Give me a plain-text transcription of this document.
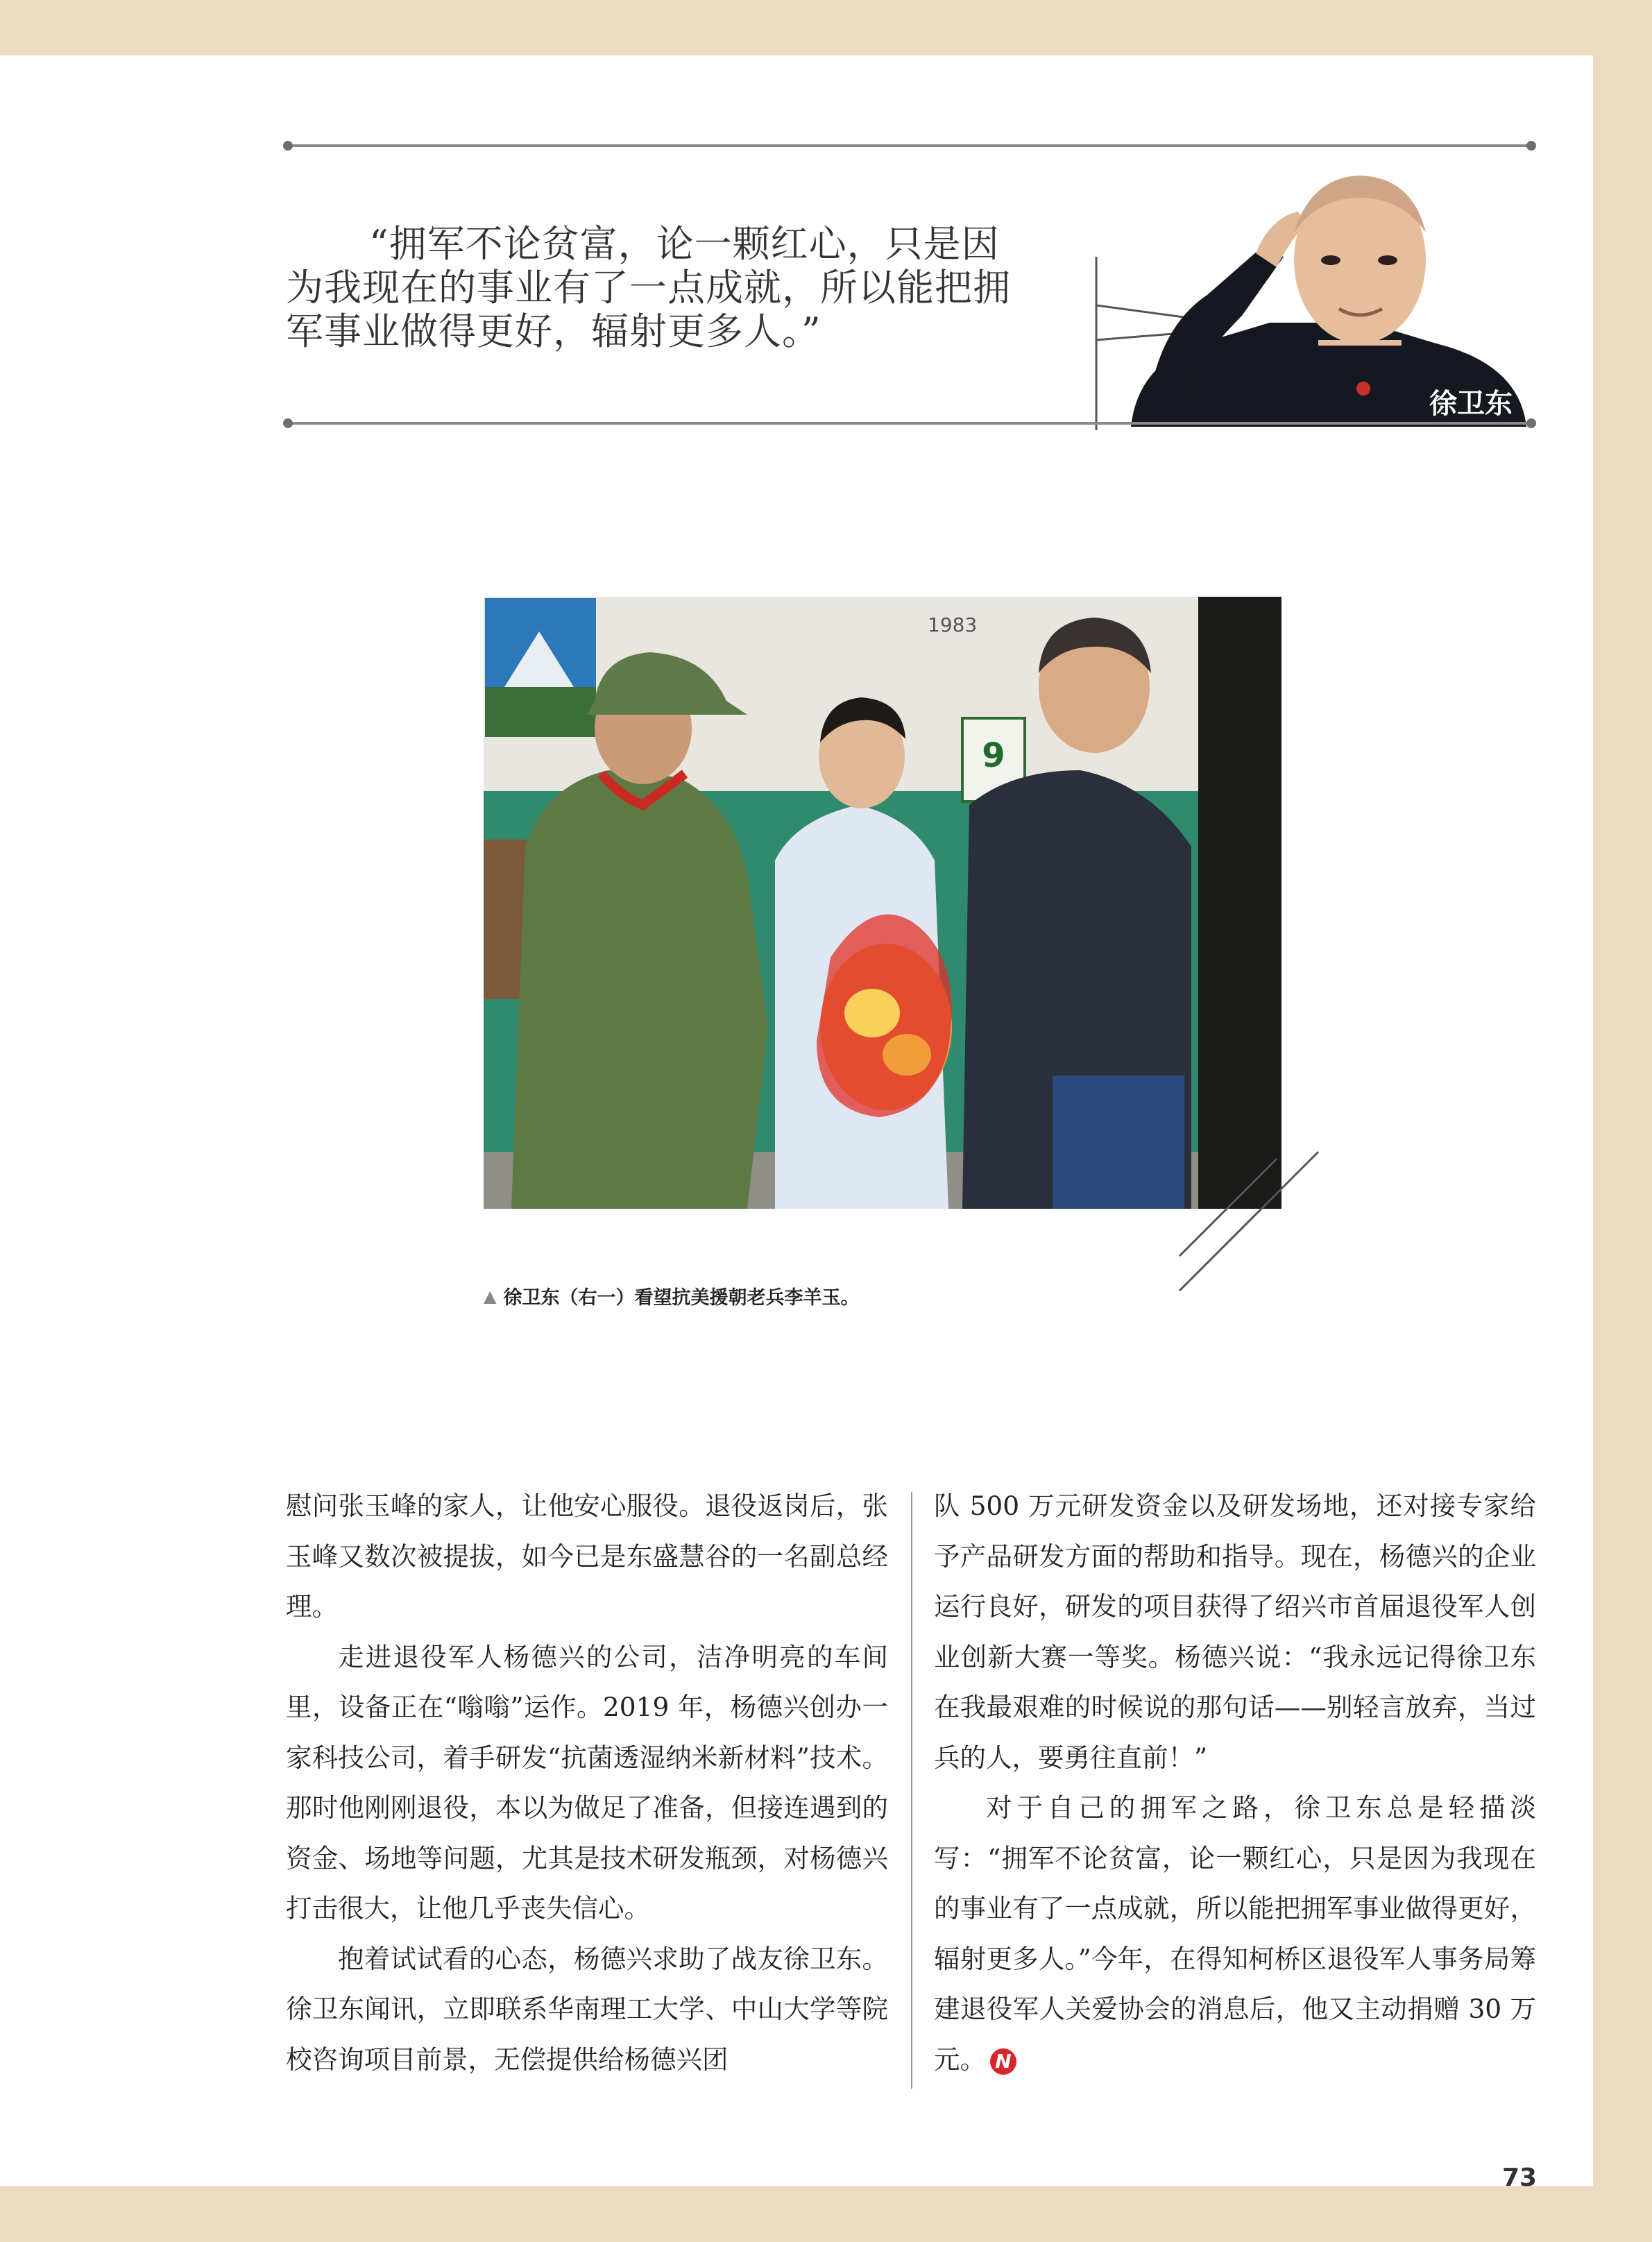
“拥军不论贫富，论一颗红心，只是因为我现在的事业有了一点成就，所以能把拥军事业做得更好，辐射更多人。”

徐卫东
9
1983
▲ 徐卫东（右一）看望抗美援朝老兵李羊玉。

慰问张玉峰的家人，让他安心服役。退役返岗后，张玉峰又数次被提拔，如今已是东盛慧谷的一名副总经理。

走进退役军人杨德兴的公司，洁净明亮的车间里，设备正在“嗡嗡”运作。2019 年，杨德兴创办一家科技公司，着手研发“抗菌透湿纳米新材料”技术。那时他刚刚退役，本以为做足了准备，但接连遇到的资金、场地等问题，尤其是技术研发瓶颈，对杨德兴打击很大，让他几乎丧失信心。

抱着试试看的心态，杨德兴求助了战友徐卫东。徐卫东闻讯，立即联系华南理工大学、中山大学等院校咨询项目前景，无偿提供给杨德兴团

队 500 万元研发资金以及研发场地，还对接专家给予产品研发方面的帮助和指导。现在，杨德兴的企业运行良好，研发的项目获得了绍兴市首届退役军人创业创新大赛一等奖。杨德兴说：“我永远记得徐卫东在我最艰难的时候说的那句话——别轻言放弃，当过兵的人，要勇往直前！”

对于自己的拥军之路，徐卫东总是轻描淡写：“拥军不论贫富，论一颗红心，只是因为我现在的事业有了一点成就，所以能把拥军事业做得更好，辐射更多人。”今年，在得知柯桥区退役军人事务局筹建退役军人关爱协会的消息后，他又主动捐赠 30 万元。 N

73
